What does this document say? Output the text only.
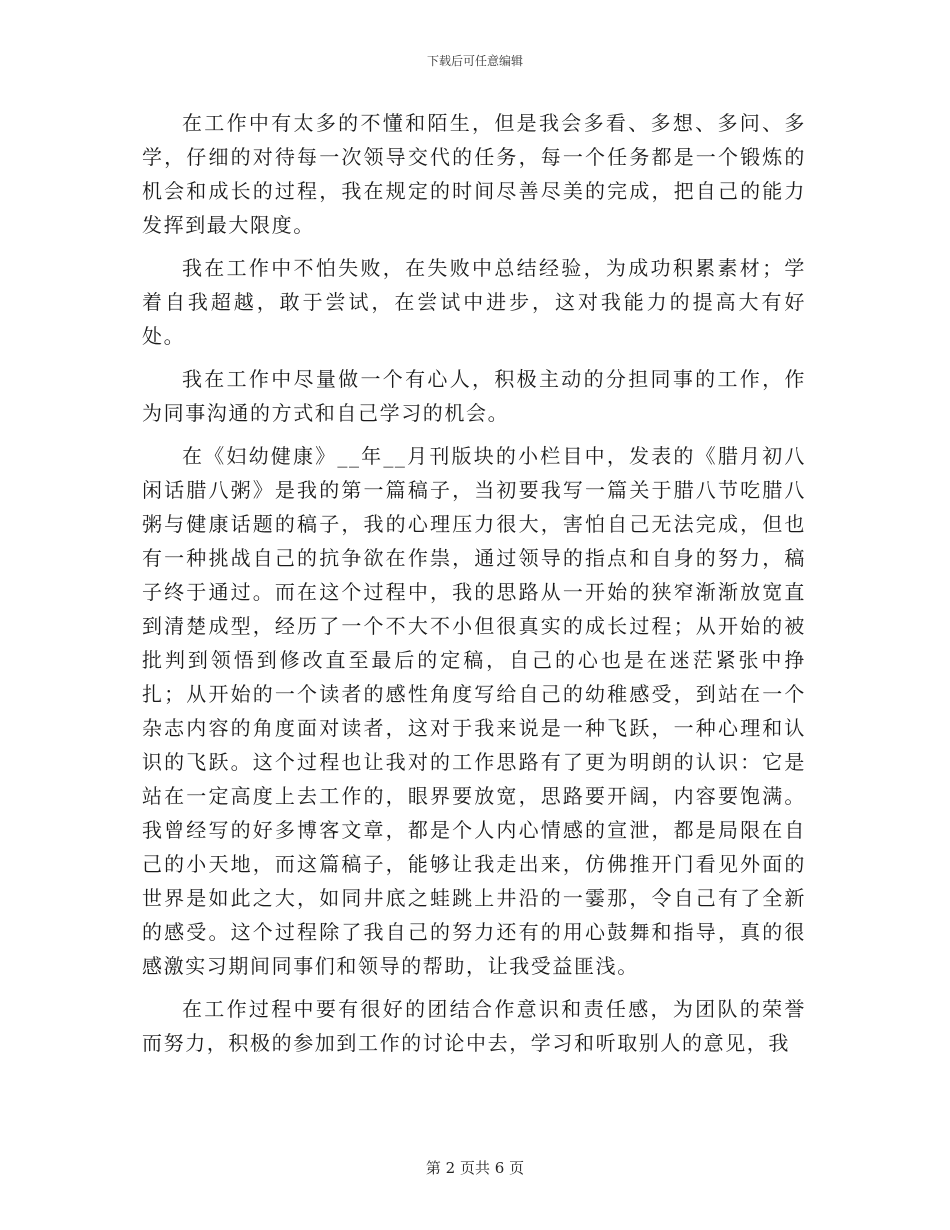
下载后可任意编辑

在工作中有太多的不懂和陌生，但是我会多看、多想、多问、多学，仔细的对待每一次领导交代的任务，每一个任务都是一个锻炼的机会和成长的过程，我在规定的时间尽善尽美的完成，把自己的能力发挥到最大限度。

我在工作中不怕失败，在失败中总结经验，为成功积累素材；学着自我超越，敢于尝试，在尝试中进步，这对我能力的提高大有好处。

我在工作中尽量做一个有心人，积极主动的分担同事的工作，作为同事沟通的方式和自己学习的机会。

在《妇幼健康》__年__月刊版块的小栏目中，发表的《腊月初八闲话腊八粥》是我的第一篇稿子，当初要我写一篇关于腊八节吃腊八粥与健康话题的稿子，我的心理压力很大，害怕自己无法完成，但也有一种挑战自己的抗争欲在作祟，通过领导的指点和自身的努力，稿子终于通过。而在这个过程中，我的思路从一开始的狭窄渐渐放宽直到清楚成型，经历了一个不大不小但很真实的成长过程；从开始的被批判到领悟到修改直至最后的定稿，自己的心也是在迷茫紧张中挣扎；从开始的一个读者的感性角度写给自己的幼稚感受，到站在一个杂志内容的角度面对读者，这对于我来说是一种飞跃，一种心理和认识的飞跃。这个过程也让我对的工作思路有了更为明朗的认识：它是站在一定高度上去工作的，眼界要放宽，思路要开阔，内容要饱满。我曾经写的好多博客文章，都是个人内心情感的宣泄，都是局限在自己的小天地，而这篇稿子，能够让我走出来，仿佛推开门看见外面的世界是如此之大，如同井底之蛙跳上井沿的一霎那，令自己有了全新的感受。这个过程除了我自己的努力还有的用心鼓舞和指导，真的很感激实习期间同事们和领导的帮助，让我受益匪浅。

在工作过程中要有很好的团结合作意识和责任感，为团队的荣誉而努力，积极的参加到工作的讨论中去，学习和听取别人的意见，我

第 2 页共 6 页
